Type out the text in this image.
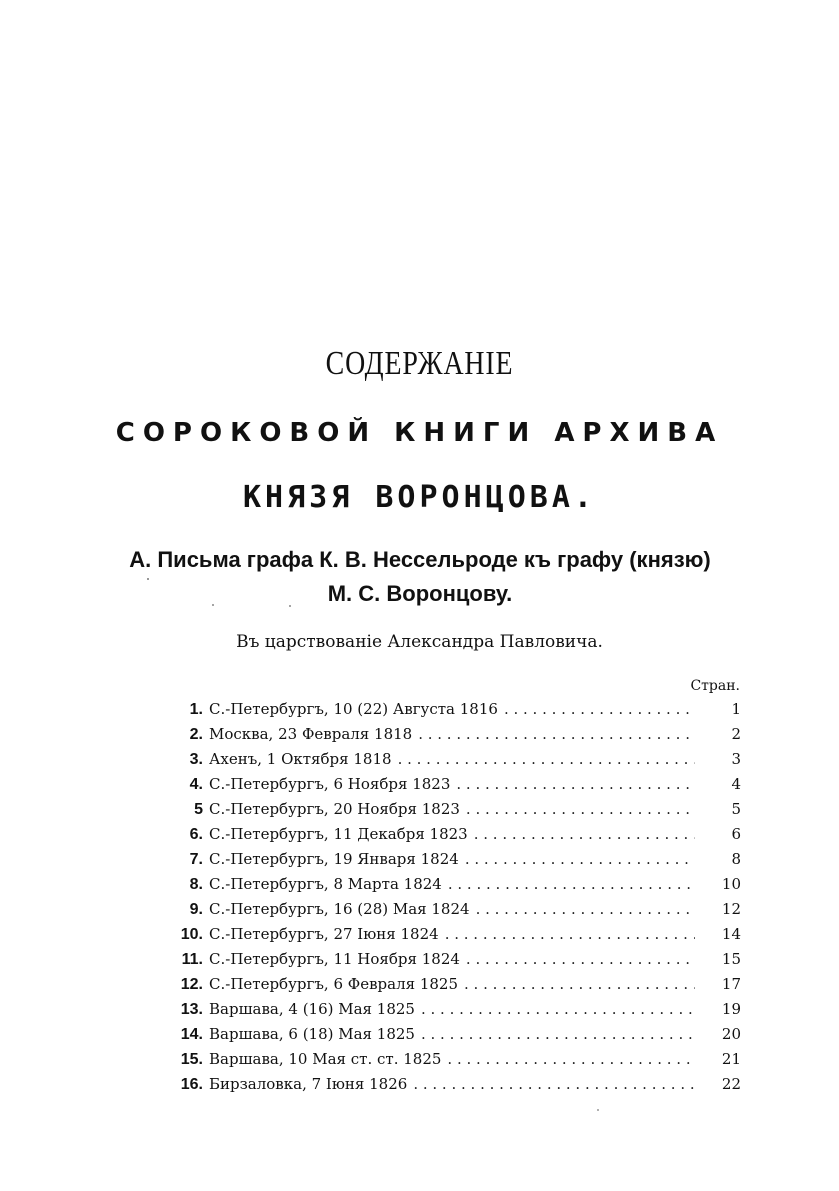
СОДЕРЖАНІЕ
СОРОКОВОЙ КНИГИ АРХИВА
КНЯЗЯ ВОРОНЦОВА.
А. Письма графа К. В. Нессельроде къ графу (князю)
М. С. Воронцову.
Въ царствованіе Александра Павловича.
Стран.
1. С.-Петербургъ, 10 (22) Августа 1816 . . .	1
2. Москва, 23 Февраля 1818 . . .	2
3. Ахенъ, 1 Октября 1818 . . .	3
4. С.-Петербургъ, 6 Ноября 1823 . . .	4
5 С.-Петербургъ, 20 Ноября 1823 . . .	5
6. С.-Петербургъ, 11 Декабря 1823 . . .	6
7. С.-Петербургъ, 19 Января 1824 . . .	8
8. С.-Петербургъ, 8 Марта 1824 . . .	10
9. С.-Петербургъ, 16 (28) Мая 1824 . . .	12
10. С.-Петербургъ, 27 Іюня 1824 . . .	14
11. С.-Петербургъ, 11 Ноября 1824 . . .	15
12. С.-Петербургъ, 6 Февраля 1825 . . .	17
13. Варшава, 4 (16) Мая 1825 . . .	19
14. Варшава, 6 (18) Мая 1825 . . .	20
15. Варшава, 10 Мая ст. ст. 1825 . . .	21
16. Бирзаловка, 7 Іюня 1826 . . .	22
